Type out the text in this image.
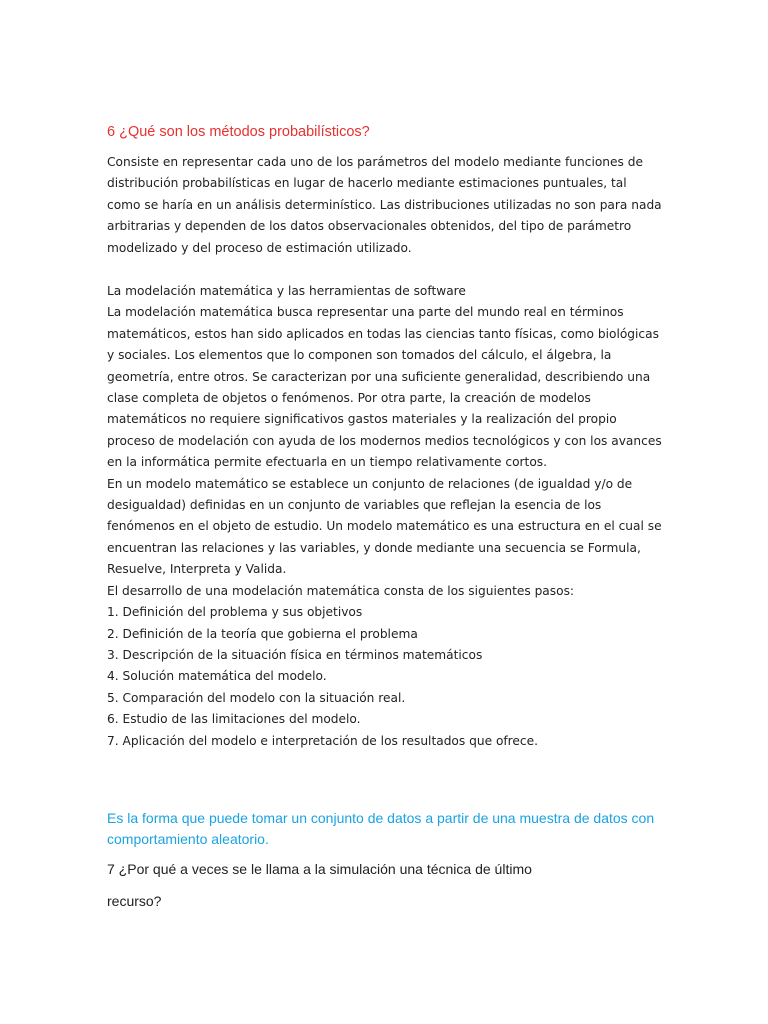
6 ¿Qué son los métodos probabilísticos?

Consiste en representar cada uno de los parámetros del modelo mediante funciones de distribución probabilísticas en lugar de hacerlo mediante estimaciones puntuales, tal como se haría en un análisis determinístico. Las distribuciones utilizadas no son para nada arbitrarias y dependen de los datos observacionales obtenidos, del tipo de parámetro modelizado y del proceso de estimación utilizado.

La modelación matemática y las herramientas de software
La modelación matemática busca representar una parte del mundo real en términos matemáticos, estos han sido aplicados en todas las ciencias tanto físicas, como biológicas y sociales. Los elementos que lo componen son tomados del cálculo, el álgebra, la geometría, entre otros. Se caracterizan por una suficiente generalidad, describiendo una clase completa de objetos o fenómenos. Por otra parte, la creación de modelos matemáticos no requiere significativos gastos materiales y la realización del propio proceso de modelación con ayuda de los modernos medios tecnológicos y con los avances en la informática permite efectuarla en un tiempo relativamente cortos.
En un modelo matemático se establece un conjunto de relaciones (de igualdad y/o de desigualdad) definidas en un conjunto de variables que reflejan la esencia de los fenómenos en el objeto de estudio. Un modelo matemático es una estructura en el cual se encuentran las relaciones y las variables, y donde mediante una secuencia se Formula, Resuelve, Interpreta y Valida.
El desarrollo de una modelación matemática consta de los siguientes pasos:
1. Definición del problema y sus objetivos
2. Definición de la teoría que gobierna el problema
3. Descripción de la situación física en términos matemáticos
4. Solución matemática del modelo.
5. Comparación del modelo con la situación real.
6. Estudio de las limitaciones del modelo.
7. Aplicación del modelo e interpretación de los resultados que ofrece.

Es la forma que puede tomar un conjunto de datos a partir de una muestra de datos con comportamiento aleatorio.

7 ¿Por qué a veces se le llama a la simulación una técnica de último

recurso?
